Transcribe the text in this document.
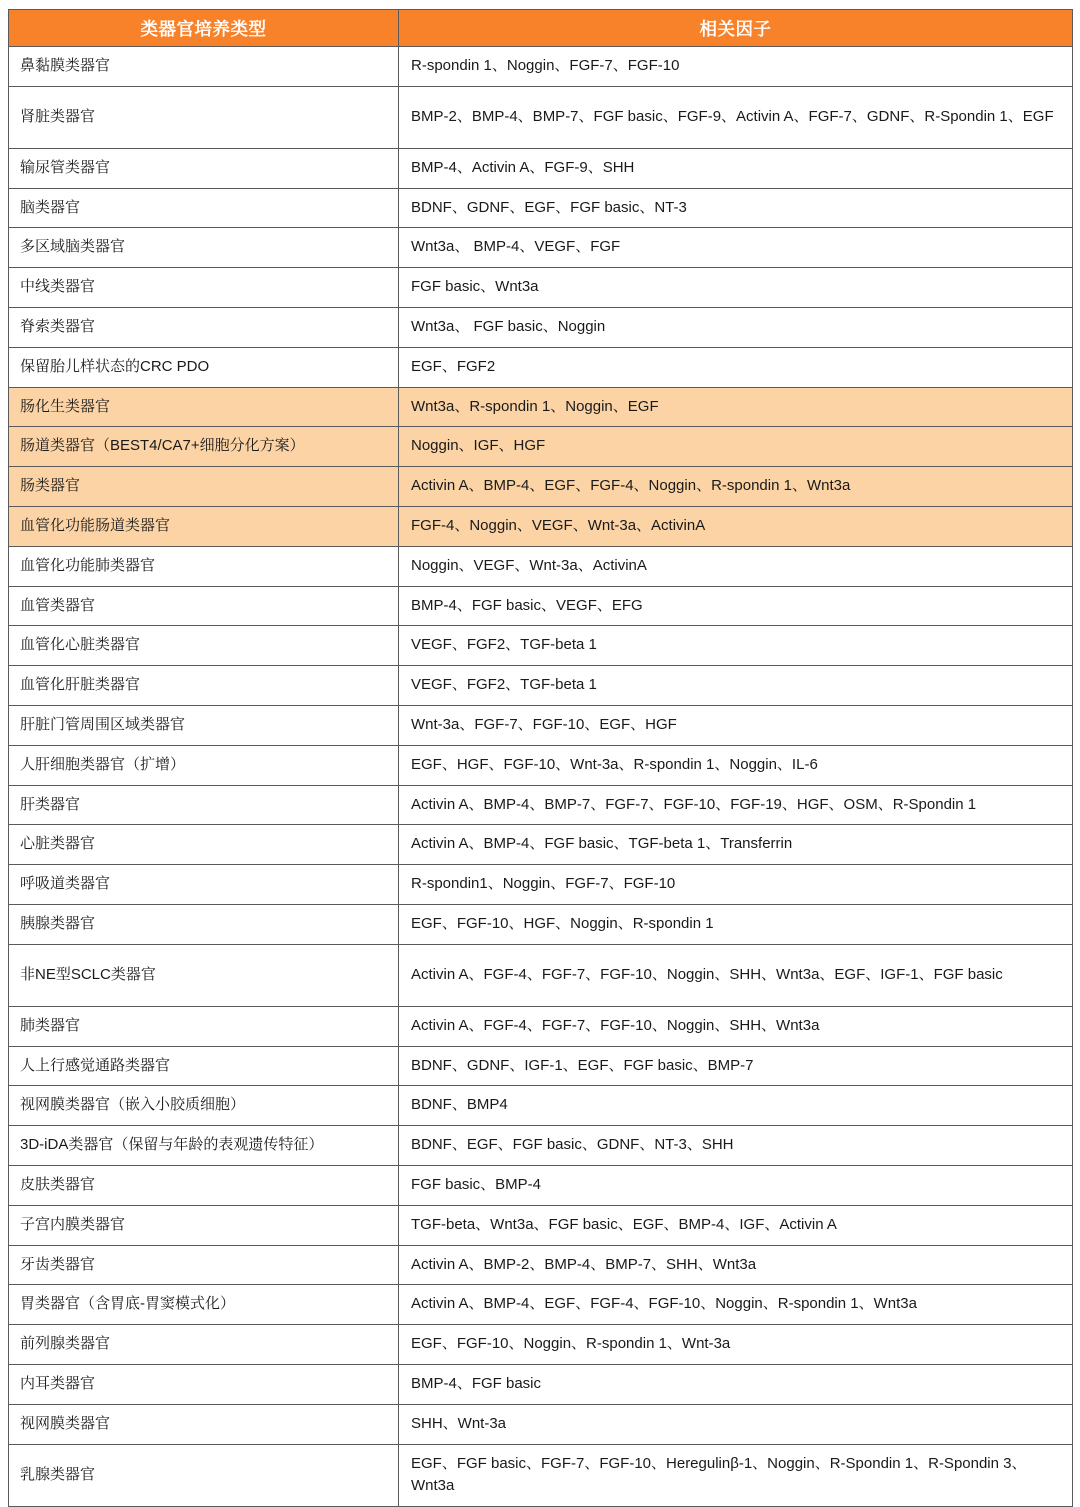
类器官培养类型	相关因子
鼻黏膜类器官	R-spondin 1、Noggin、FGF-7、FGF-10
肾脏类器官	BMP-2、BMP-4、BMP-7、FGF basic、FGF-9、Activin A、FGF-7、GDNF、R-Spondin 1、EGF
输尿管类器官	BMP-4、Activin A、FGF-9、SHH
脑类器官	BDNF、GDNF、EGF、FGF basic、NT-3
多区域脑类器官	Wnt3a、 BMP-4、VEGF、FGF
中线类器官	FGF basic、Wnt3a
脊索类器官	Wnt3a、 FGF basic、Noggin
保留胎儿样状态的CRC PDO	EGF、FGF2
肠化生类器官	Wnt3a、R-spondin 1、Noggin、EGF
肠道类器官（BEST4/CA7+细胞分化方案）	Noggin、IGF、HGF
肠类器官	Activin A、BMP-4、EGF、FGF-4、Noggin、R-spondin 1、Wnt3a
血管化功能肠道类器官	FGF-4、Noggin、VEGF、Wnt-3a、ActivinA
血管化功能肺类器官	Noggin、VEGF、Wnt-3a、ActivinA
血管类器官	BMP-4、FGF basic、VEGF、EFG
血管化心脏类器官	VEGF、FGF2、TGF-beta 1
血管化肝脏类器官	VEGF、FGF2、TGF-beta 1
肝脏门管周围区域类器官	Wnt-3a、FGF-7、FGF-10、EGF、HGF
人肝细胞类器官（扩增）	EGF、HGF、FGF-10、Wnt-3a、R-spondin 1、Noggin、IL-6
肝类器官	Activin A、BMP-4、BMP-7、FGF-7、FGF-10、FGF-19、HGF、OSM、R-Spondin 1
心脏类器官	Activin A、BMP-4、FGF basic、TGF-beta 1、Transferrin
呼吸道类器官	R-spondin1、Noggin、FGF-7、FGF-10
胰腺类器官	EGF、FGF-10、HGF、Noggin、R-spondin 1
非NE型SCLC类器官	Activin A、FGF-4、FGF-7、FGF-10、Noggin、SHH、Wnt3a、EGF、IGF-1、FGF basic
肺类器官	Activin A、FGF-4、FGF-7、FGF-10、Noggin、SHH、Wnt3a
人上行感觉通路类器官	BDNF、GDNF、IGF-1、EGF、FGF basic、BMP-7
视网膜类器官（嵌入小胶质细胞）	BDNF、BMP4
3D-iDA类器官（保留与年龄的表观遗传特征）	BDNF、EGF、FGF basic、GDNF、NT-3、SHH
皮肤类器官	FGF basic、BMP-4
子宫内膜类器官	TGF-beta、Wnt3a、FGF basic、EGF、BMP-4、IGF、Activin A
牙齿类器官	Activin A、BMP-2、BMP-4、BMP-7、SHH、Wnt3a
胃类器官（含胃底-胃窦模式化）	Activin A、BMP-4、EGF、FGF-4、FGF-10、Noggin、R-spondin 1、Wnt3a
前列腺类器官	EGF、FGF-10、Noggin、R-spondin 1、Wnt-3a
内耳类器官	BMP-4、FGF basic
视网膜类器官	SHH、Wnt-3a
乳腺类器官	EGF、FGF basic、FGF-7、FGF-10、Heregulinβ-1、Noggin、R-Spondin 1、R-Spondin 3、Wnt3a
